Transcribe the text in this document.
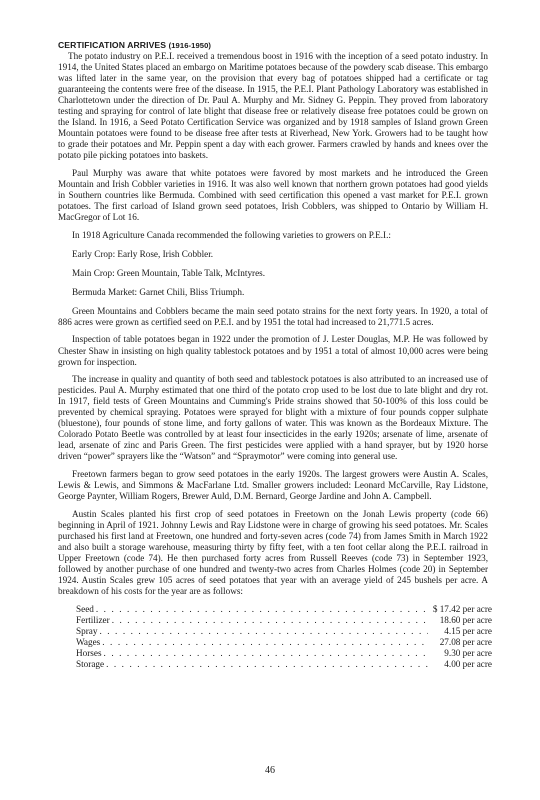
CERTIFICATION ARRIVES (1916-1950)

The potato industry on P.E.I. received a tremendous boost in 1916 with the inception of a seed potato industry. In 1914, the United States placed an embargo on Maritime potatoes because of the powdery scab disease. This embargo was lifted later in the same year, on the provision that every bag of potatoes shipped had a certificate or tag guaranteeing the contents were free of the disease. In 1915, the P.E.I. Plant Pathology Laboratory was established in Charlottetown under the direction of Dr. Paul A. Murphy and Mr. Sidney G. Peppin. They proved from laboratory testing and spraying for control of late blight that disease free or relatively disease free potatoes could be grown on the Island. In 1916, a Seed Potato Certification Service was organized and by 1918 samples of Island grown Green Mountain potatoes were found to be disease free after tests at Riverhead, New York. Growers had to be taught how to grade their potatoes and Mr. Peppin spent a day with each grower. Farmers crawled by hands and knees over the potato pile picking potatoes into baskets.

Paul Murphy was aware that white potatoes were favored by most markets and he introduced the Green Mountain and Irish Cobbler varieties in 1916. It was also well known that northern grown potatoes had good yields in Southern countries like Bermuda. Combined with seed certification this opened a vast market for P.E.I. grown potatoes. The first carload of Island grown seed potatoes, Irish Cobblers, was shipped to Ontario by William H. MacGregor of Lot 16.

In 1918 Agriculture Canada recommended the following varieties to growers on P.E.I.:

Early Crop: Early Rose, Irish Cobbler.

Main Crop: Green Mountain, Table Talk, McIntyres.

Bermuda Market: Garnet Chili, Bliss Triumph.

Green Mountains and Cobblers became the main seed potato strains for the next forty years. In 1920, a total of 886 acres were grown as certified seed on P.E.I. and by 1951 the total had increased to 21,771.5 acres.

Inspection of table potatoes began in 1922 under the promotion of J. Lester Douglas, M.P. He was followed by Chester Shaw in insisting on high quality tablestock potatoes and by 1951 a total of almost 10,000 acres were being grown for inspection.

The increase in quality and quantity of both seed and tablestock potatoes is also attributed to an increased use of pesticides. Paul A. Murphy estimated that one third of the potato crop used to be lost due to late blight and dry rot. In 1917, field tests of Green Mountains and Cumming's Pride strains showed that 50-100% of this loss could be prevented by chemical spraying. Potatoes were sprayed for blight with a mixture of four pounds copper sulphate (bluestone), four pounds of stone lime, and forty gallons of water. This was known as the Bordeaux Mixture. The Colorado Potato Beetle was controlled by at least four insecticides in the early 1920s; arsenate of lime, arsenate of lead, arsenate of zinc and Paris Green. The first pesticides were applied with a hand sprayer, but by 1920 horse driven “power” sprayers like the “Watson” and “Spraymotor” were coming into general use.

Freetown farmers began to grow seed potatoes in the early 1920s. The largest growers were Austin A. Scales, Lewis & Lewis, and Simmons & MacFarlane Ltd. Smaller growers included: Leonard McCarville, Ray Lidstone, George Paynter, William Rogers, Brewer Auld, D.M. Bernard, George Jardine and John A. Campbell.

Austin Scales planted his first crop of seed potatoes in Freetown on the Jonah Lewis property (code 66) beginning in April of 1921. Johnny Lewis and Ray Lidstone were in charge of growing his seed potatoes. Mr. Scales purchased his first land at Freetown, one hundred and forty-seven acres (code 74) from James Smith in March 1922 and also built a storage warehouse, measuring thirty by fifty feet, with a ten foot cellar along the P.E.I. railroad in Upper Freetown (code 74). He then purchased forty acres from Russell Reeves (code 73) in September 1923, followed by another purchase of one hundred and twenty-two acres from Charles Holmes (code 20) in September 1924. Austin Scales grew 105 acres of seed potatoes that year with an average yield of 245 bushels per acre. A breakdown of his costs for the year are as follows:

Seed . . .	$ 17.42 per acre
Fertilizer . . .	18.60 per acre
Spray . . .	4.15 per acre
Wages . . .	27.08 per acre
Horses . . .	9.30 per acre
Storage . . .	4.00 per acre
46
